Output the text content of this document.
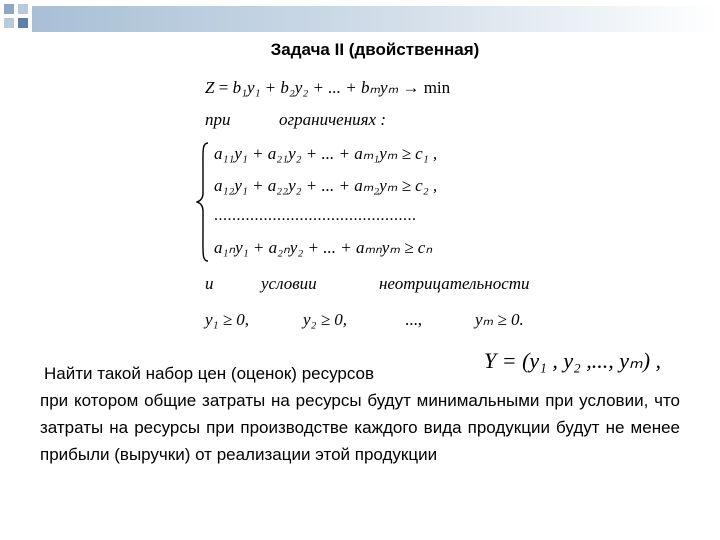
Задача II (двойственная)
Z = b₁y₁ + b₂y₂ + ... + bₘyₘ → min
при	ограничениях :
a₁₁y₁ + a₂₁y₂ + ... + aₘ₁yₘ ≥ c₁ ,
a₁₂y₁ + a₂₂y₂ + ... + aₘ₂yₘ ≥ c₂ ,
.............................................
a₁ₙy₁ + a₂ₙy₂ + ... + aₘₙyₘ ≥ cₙ
и	условии	неотрицательности
y₁ ≥ 0,	y₂ ≥ 0,	...,	yₘ ≥ 0.
Y = (y₁ , y₂ ,..., yₘ) ,
Найти такой набор цен (оценок) ресурсов
при котором общие затраты на ресурсы будут минимальными при условии, что затраты на ресурсы при производстве каждого вида продукции будут не менее прибыли (выручки) от реализации этой продукции
